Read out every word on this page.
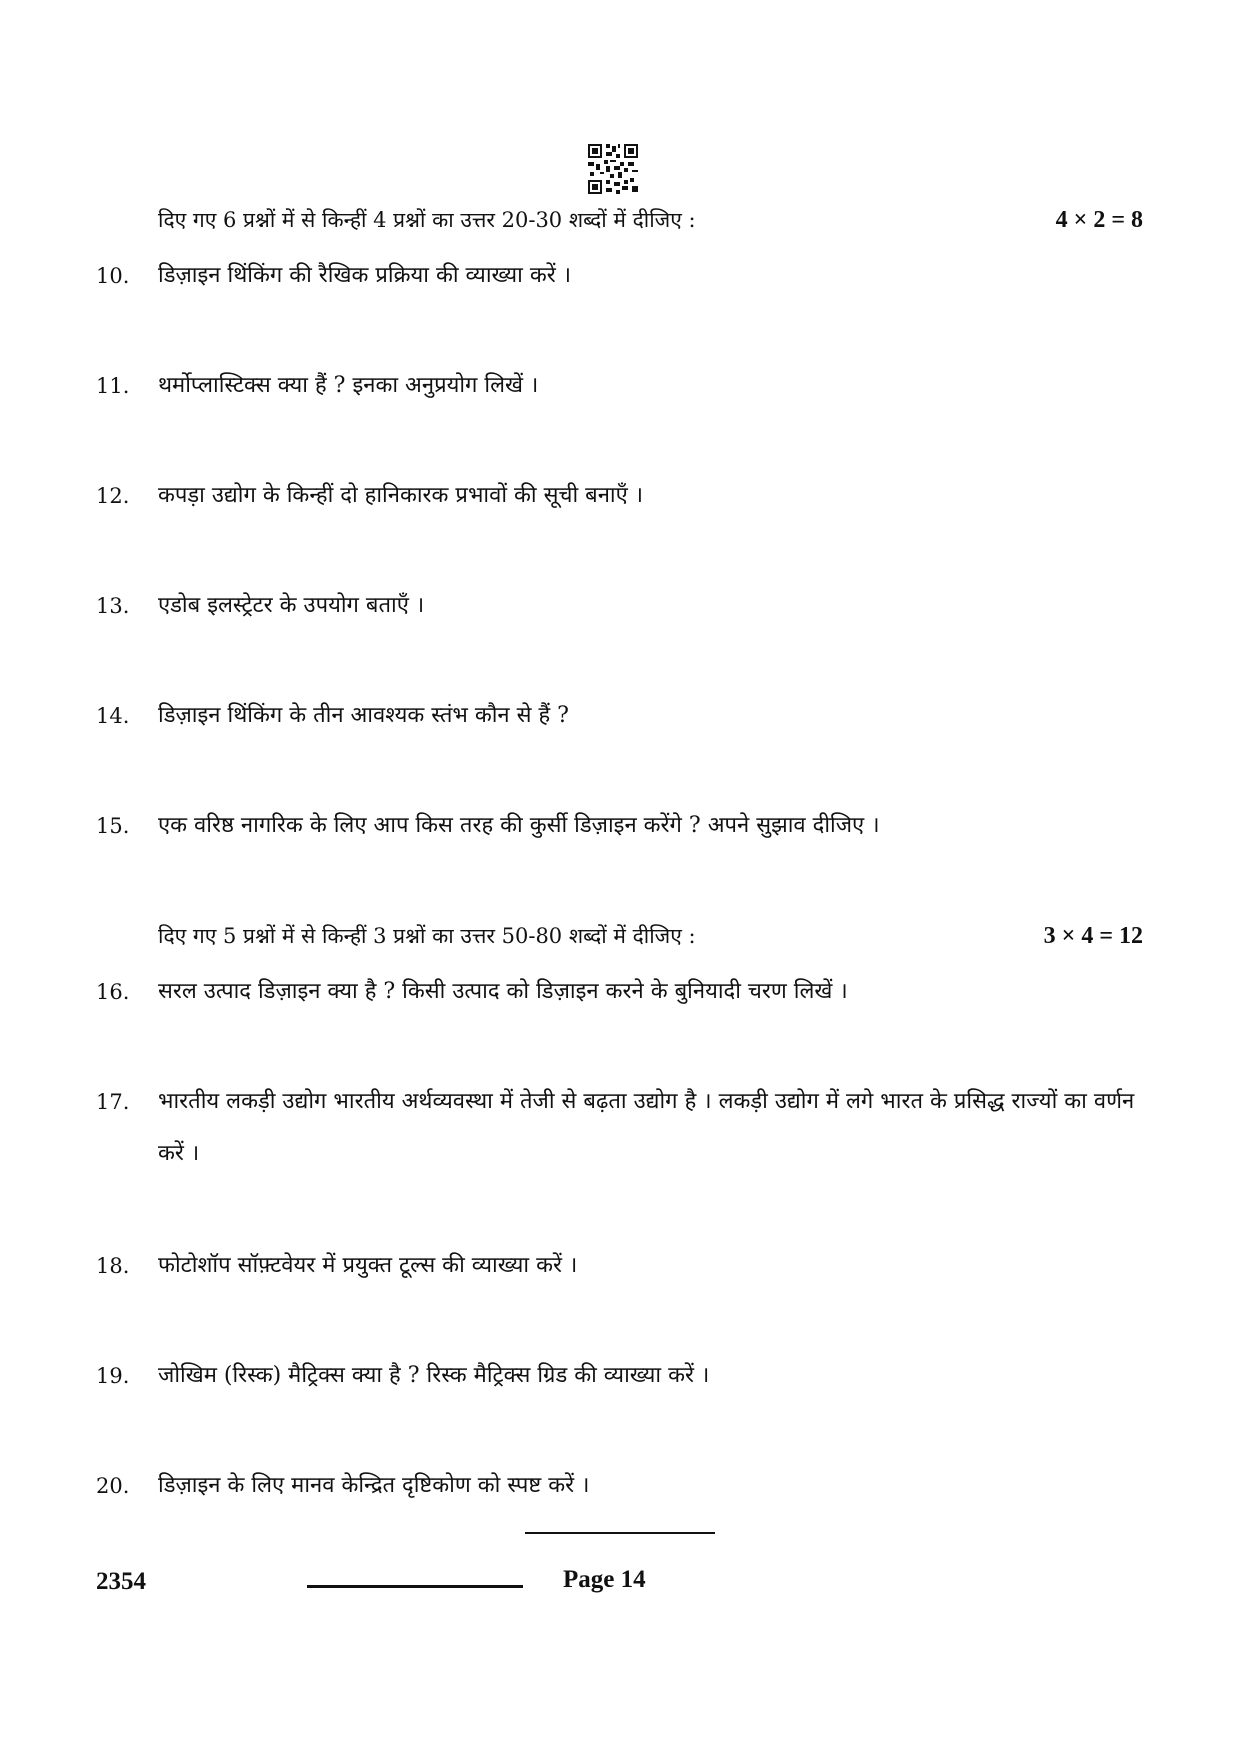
दिए गए 6 प्रश्नों में से किन्हीं 4 प्रश्नों का उत्तर 20-30 शब्दों में दीजिए :	4 × 2 = 8
10.	डिज़ाइन थिंकिंग की रैखिक प्रक्रिया की व्याख्या करें ।
11.	थर्मोप्लास्टिक्स क्या हैं ? इनका अनुप्रयोग लिखें ।
12.	कपड़ा उद्योग के किन्हीं दो हानिकारक प्रभावों की सूची बनाएँ ।
13.	एडोब इलस्ट्रेटर के उपयोग बताएँ ।
14.	डिज़ाइन थिंकिंग के तीन आवश्यक स्तंभ कौन से हैं ?
15.	एक वरिष्ठ नागरिक के लिए आप किस तरह की कुर्सी डिज़ाइन करेंगे ? अपने सुझाव दीजिए ।
दिए गए 5 प्रश्नों में से किन्हीं 3 प्रश्नों का उत्तर 50-80 शब्दों में दीजिए :	3 × 4 = 12
16.	सरल उत्पाद डिज़ाइन क्या है ? किसी उत्पाद को डिज़ाइन करने के बुनियादी चरण लिखें ।
17.	भारतीय लकड़ी उद्योग भारतीय अर्थव्यवस्था में तेजी से बढ़ता उद्योग है । लकड़ी उद्योग में लगे भारत के प्रसिद्ध राज्यों का वर्णन करें ।
18.	फोटोशॉप सॉफ़्टवेयर में प्रयुक्त टूल्स की व्याख्या करें ।
19.	जोखिम (रिस्क) मैट्रिक्स क्या है ? रिस्क मैट्रिक्स ग्रिड की व्याख्या करें ।
20.	डिज़ाइन के लिए मानव केन्द्रित दृष्टिकोण को स्पष्ट करें ।
2354	Page 14
